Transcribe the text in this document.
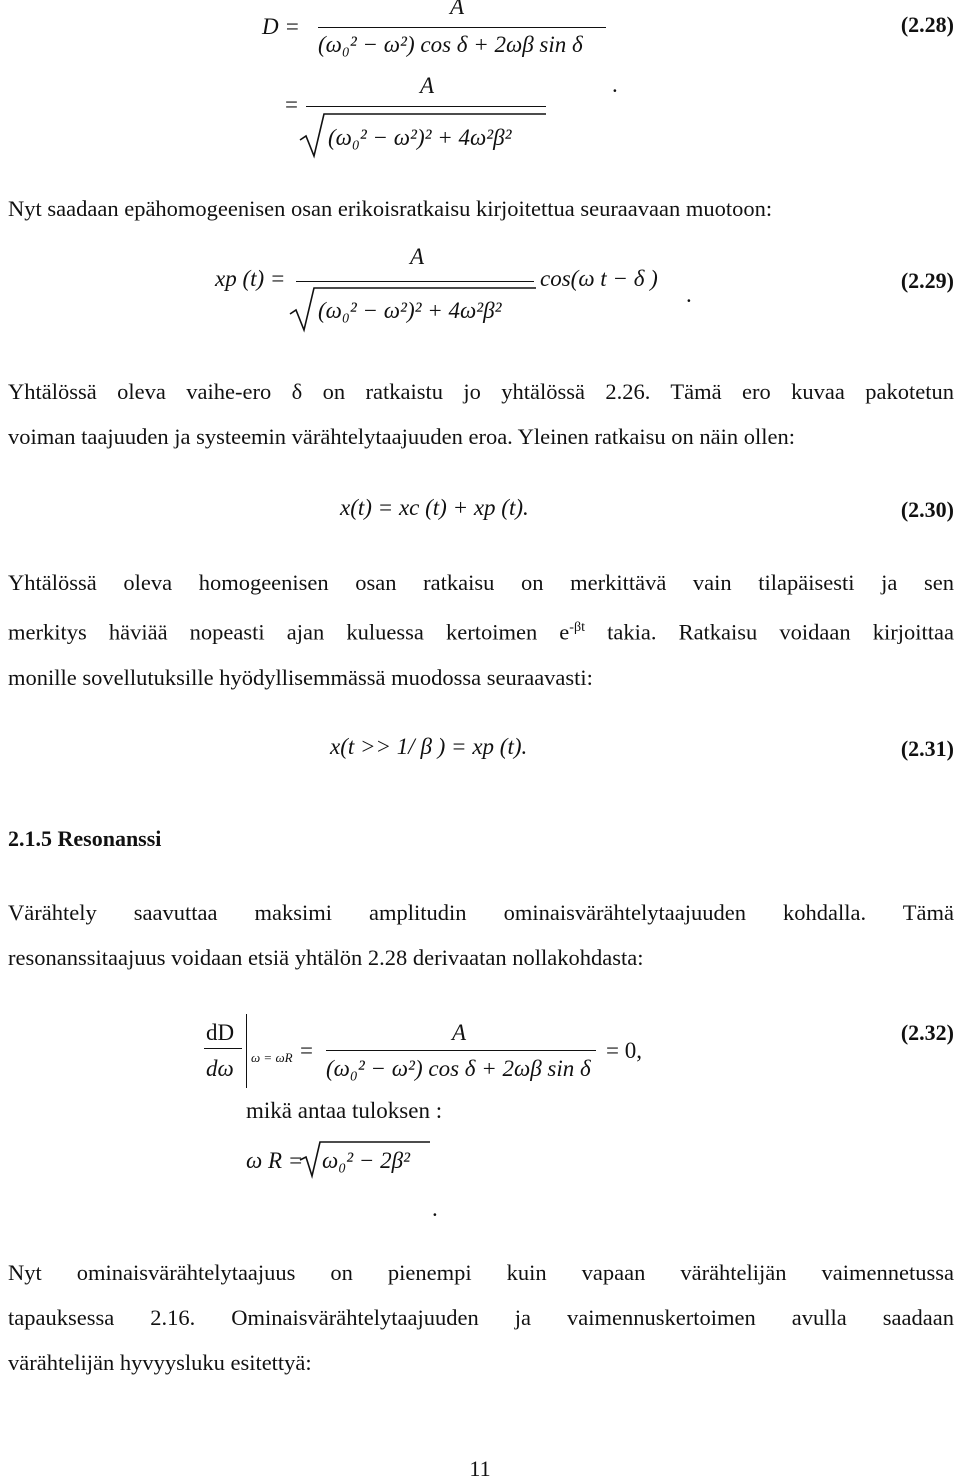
D =
A
(ω₀² − ω²) cos δ + 2ωβ sin δ
=
A
(ω₀² − ω²)² + 4ω²β²
.
(2.28)
Nyt saadaan epähomogeenisen osan erikoisratkaisu kirjoitettua seuraavaan muotoon:
xp (t) =
A
(ω₀² − ω²)² + 4ω²β²
cos(ω t − δ )
.
(2.29)
Yhtälössä oleva vaihe-ero δ on ratkaistu jo yhtälössä 2.26. Tämä ero kuvaa pakotetun
voiman taajuuden ja systeemin värähtelytaajuuden eroa. Yleinen ratkaisu on näin ollen:
x(t) = xc (t) + xp (t).	(2.30)
Yhtälössä oleva homogeenisen osan ratkaisu on merkittävä vain tilapäisesti ja sen
merkitys häviää nopeasti ajan kuluessa kertoimen $e^{-\beta t}$ takia. Ratkaisu voidaan kirjoittaa
monille sovellutuksille hyödyllisemmässä muodossa seuraavasti:
x(t >> 1/ β ) = xp (t).	(2.31)
2.1.5 Resonanssi
Värähtely saavuttaa maksimi amplitudin ominaisvärähtelytaajuuden kohdalla. Tämä
resonanssitaajuus voidaan etsiä yhtälön 2.28 derivaatan nollakohdasta:
dD
dω ω = ωR =
A
(ω₀² − ω²) cos δ + 2ωβ sin δ
= 0,
mikä antaa tuloksen :
ω R = ω₀² − 2β²
.
(2.32)
Nyt ominaisvärähtelytaajuus on pienempi kuin vapaan värähtelijän vaimennetussa
tapauksessa 2.16. Ominaisvärähtelytaajuuden ja vaimennuskertoimen avulla saadaan
värähtelijän hyvyysluku esitettyä:
11
